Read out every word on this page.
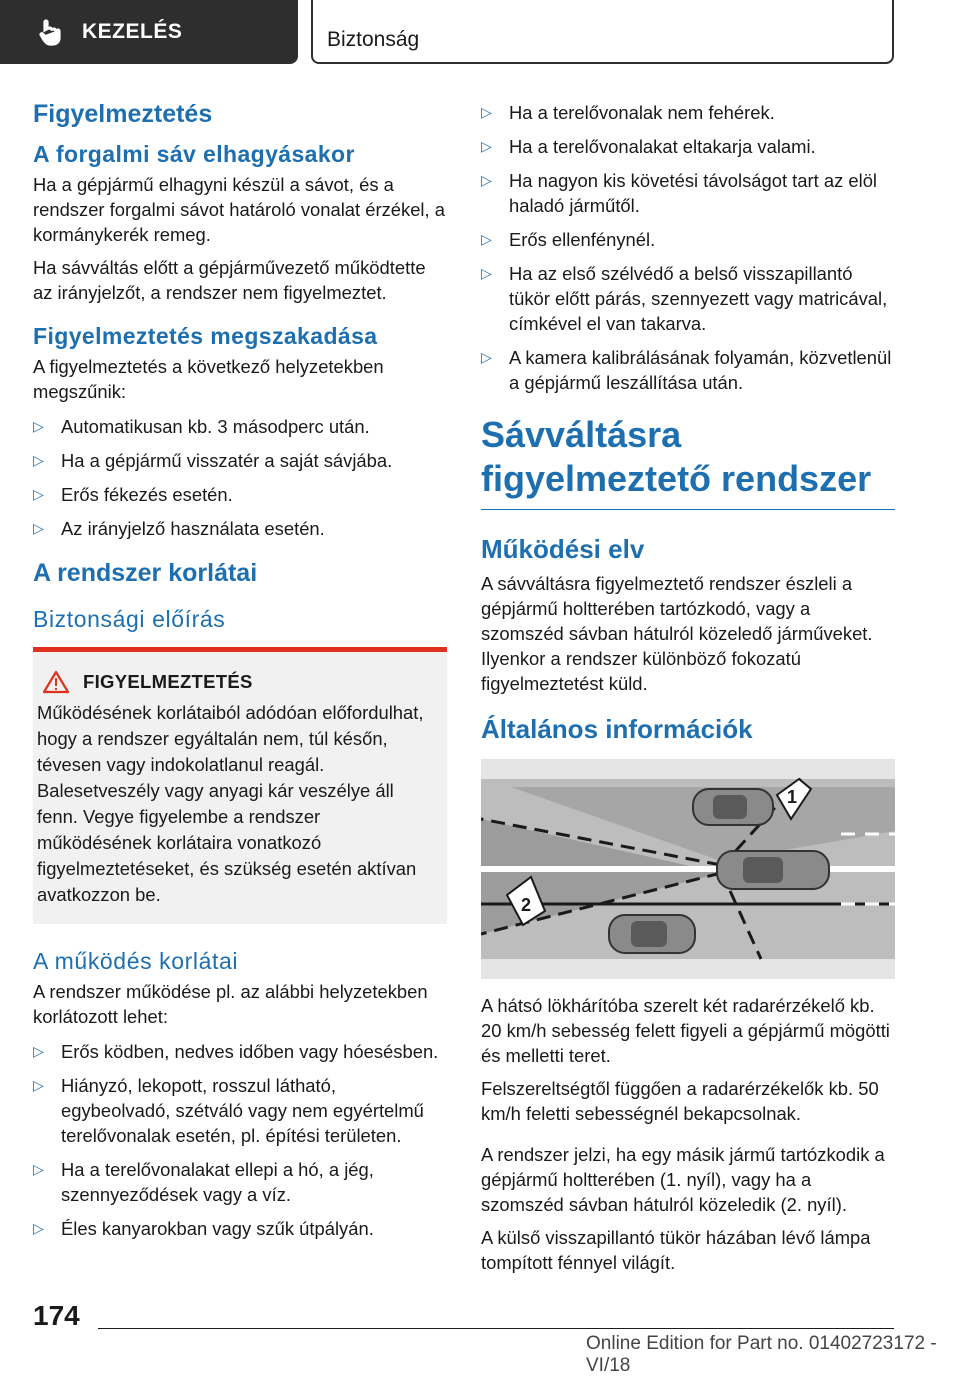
KEZELÉS	Biztonság
Figyelmeztetés
A forgalmi sáv elhagyásakor

Ha a gépjármű elhagyni készül a sávot, és a rendszer forgalmi sávot határoló vonalat érzékel, a kormánykerék remeg.

Ha sávváltás előtt a gépjárművezető működtette az irányjelzőt, a rendszer nem figyelmeztet.

Figyelmeztetés megszakadása

A figyelmeztetés a következő helyzetekben megszűnik:

▷ Automatikusan kb. 3 másodperc után.
▷ Ha a gépjármű visszatér a saját sávjába.
▷ Erős fékezés esetén.
▷ Az irányjelző használata esetén.
A rendszer korlátai
Biztonsági előírás
FIGYELMEZTETÉS

Működésének korlátaiból adódóan előfordulhat, hogy a rendszer egyáltalán nem, túl későn, tévesen vagy indokolatlanul reagál. Balesetveszély vagy anyagi kár veszélye áll fenn. Vegye figyelembe a rendszer működésének korlátaira vonatkozó figyelmeztetéseket, és szükség esetén aktívan avatkozzon be.

A működés korlátai

A rendszer működése pl. az alábbi helyzetekben korlátozott lehet:

▷ Erős ködben, nedves időben vagy hóesésben.
▷ Hiányzó, lekopott, rosszul látható, egybeolvadó, szétváló vagy nem egyértelmű terelővonalak esetén, pl. építési területen.
▷ Ha a terelővonalakat ellepi a hó, a jég, szennyeződések vagy a víz.
▷ Éles kanyarokban vagy szűk útpályán.
▷ Ha a terelővonalak nem fehérek.
▷ Ha a terelővonalakat eltakarja valami.
▷ Ha nagyon kis követési távolságot tart az elöl haladó járműtől.
▷ Erős ellenfénynél.
▷ Ha az első szélvédő a belső visszapillantó tükör előtt párás, szennyezett vagy matricával, címkével el van takarva.
▷ A kamera kalibrálásának folyamán, közvetlenül a gépjármű leszállítása után.
Sávváltásra figyelmeztető rendszer
Működési elv

A sávváltásra figyelmeztető rendszer észleli a gépjármű holtterében tartózkodó, vagy a szomszéd sávban hátulról közeledő járműveket. Ilyenkor a rendszer különböző fokozatú figyelmeztetést küld.

Általános információk
1
2

A hátsó lökhárítóba szerelt két radarérzékelő kb. 20 km/h sebesség felett figyeli a gépjármű mögötti és melletti teret.

Felszereltségtől függően a radarérzékelők kb. 50 km/h feletti sebességnél bekapcsolnak.

A rendszer jelzi, ha egy másik jármű tartózkodik a gépjármű holtterében (1. nyíl), vagy ha a szomszéd sávban hátulról közeledik (2. nyíl).

A külső visszapillantó tükör házában lévő lámpa tompított fénnyel világít.

174
Online Edition for Part no. 01402723172 - VI/18
